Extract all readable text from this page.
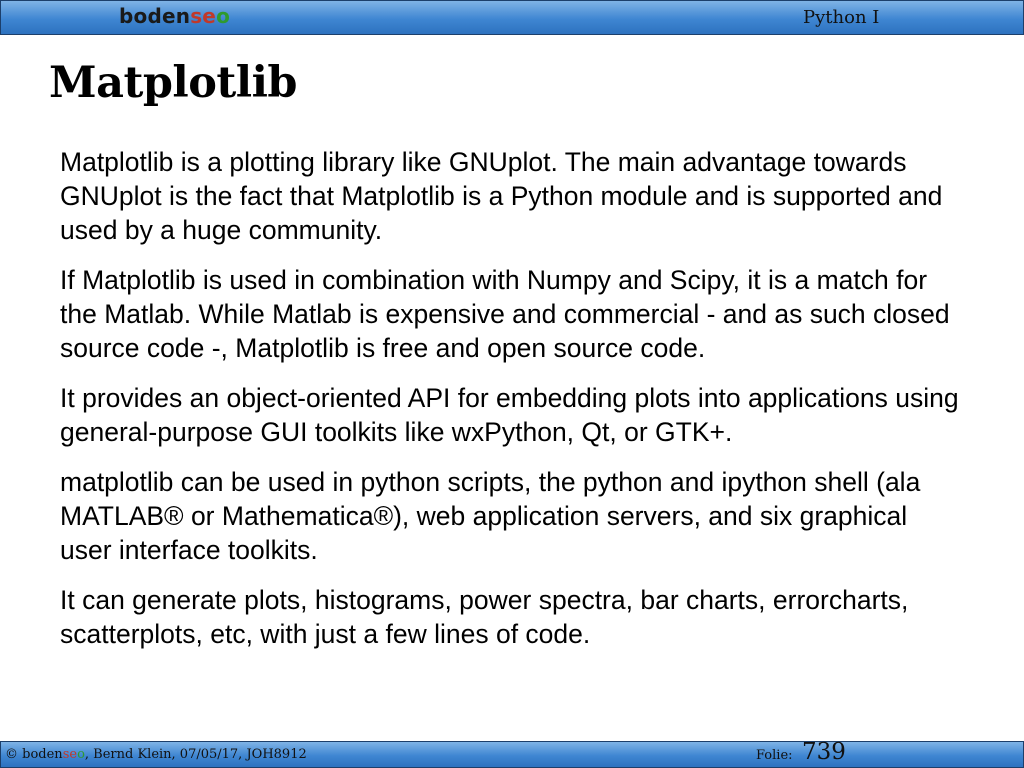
bodenseo	Python I
Matplotlib

Matplotlib is a plotting library like GNUplot. The main advantage towards GNUplot is the fact that Matplotlib is a Python module and is supported and used by a huge community.

If Matplotlib is used in combination with Numpy and Scipy, it is a match for the Matlab. While Matlab is expensive and commercial - and as such closed source code -, Matplotlib is free and open source code.

It provides an object-oriented API for embedding plots into applications using general-purpose GUI toolkits like wxPython, Qt, or GTK+.

matplotlib can be used in python scripts, the python and ipython shell (ala MATLAB® or Mathematica®), web application servers, and six graphical user interface toolkits.

It can generate plots, histograms, power spectra, bar charts, errorcharts, scatterplots, etc, with just a few lines of code.

© bodenseo, Bernd Klein, 07/05/17, JOH8912	Folie: 739
